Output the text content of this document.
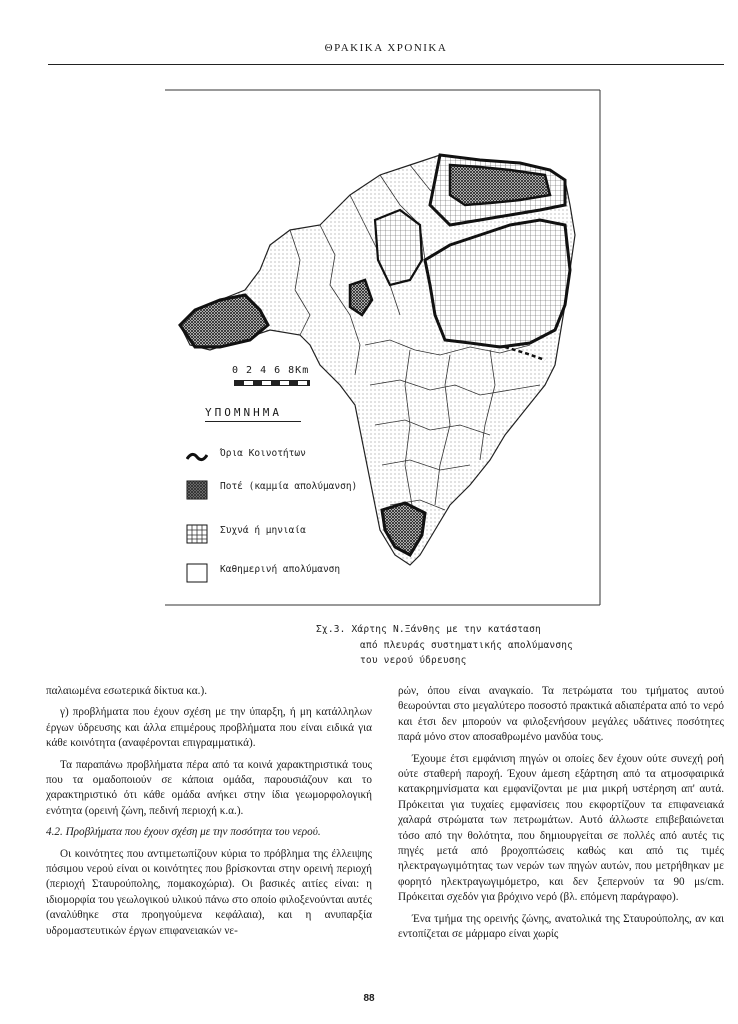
ΘΡΑΚΙΚΑ ΧΡΟΝΙΚΑ
0 2 4 6 8Km
ΥΠΟΜΝΗΜΑ
Όρια Κοινοτήτων
Ποτέ (καμμία απολύμανση)
Συχνά ή μηνιαία
Καθημερινή απολύμανση
Σχ.3. Χάρτης Ν.Ξάνθης με την κατάσταση
από πλευράς συστηματικής απολύμανσης
του νερού ύδρευσης

παλαιωμένα εσωτερικά δίκτυα κα.).

γ) προβλήματα που έχουν σχέση με την ύπαρξη, ή μη κατάλληλων έργων ύδρευσης και άλλα επιμέρους προβλήματα που είναι ειδικά για κάθε κοινότητα (αναφέρονται επιγραμματικά).

Τα παραπάνω προβλήματα πέρα από τα κοινά χαρακτηριστικά τους που τα ομαδοποιούν σε κάποια ομάδα, παρουσιάζουν και το χαρακτηριστικό ότι κάθε ομάδα ανήκει στην ίδια γεωμορφολογική ενότητα (ορεινή ζώνη, πεδινή περιοχή κ.α.).

4.2. Προβλήματα που έχουν σχέση με την ποσότητα του νερού.

Οι κοινότητες που αντιμετωπίζουν κύρια το πρόβλημα της έλλειψης πόσιμου νερού είναι οι κοινότητες που βρίσκονται στην ορεινή περιοχή (περιοχή Σταυρούπολης, πομακοχώρια). Οι βασικές αιτίες είναι: η ιδιομορφία του γεωλογικού υλικού πάνω στο οποίο φιλοξενούνται αυτές (αναλύθηκε στα προηγούμενα κεφάλαια), και η ανυπαρξία υδρομαστευτικών έργων επιφανειακών νε-

ρών, όπου είναι αναγκαίο. Τα πετρώματα του τμήματος αυτού θεωρούνται στο μεγαλύτερο ποσοστό πρακτικά αδιαπέρατα από το νερό και έτσι δεν μπορούν να φιλοξενήσουν μεγάλες υδάτινες ποσότητες παρά μόνο στον αποσαθρωμένο μανδύα τους.

Έχουμε έτσι εμφάνιση πηγών οι οποίες δεν έχουν ούτε συνεχή ροή ούτε σταθερή παροχή. Έχουν άμεση εξάρτηση από τα ατμοσφαιρικά κατακρημνίσματα και εμφανίζονται με μια μικρή υστέρηση απ' αυτά. Πρόκειται για τυχαίες εμφανίσεις που εκφορτίζουν τα επιφανειακά χαλαρά στρώματα των πετρωμάτων. Αυτό άλλωστε επιβεβαιώνεται τόσο από την θολότητα, που δημιουργείται σε πολλές από αυτές τις πηγές μετά από βροχοπτώσεις καθώς και από τις τιμές ηλεκτραγωγιμότητας των νερών των πηγών αυτών, που μετρήθηκαν με φορητό ηλεκτραγωγιμόμετρο, και δεν ξεπερνούν τα 90 μs/cm. Πρόκειται σχεδόν για βρόχινο νερό (βλ. επόμενη παράγραφο).

Ένα τμήμα της ορεινής ζώνης, ανατολικά της Σταυρούπολης, αν και εντοπίζεται σε μάρμαρο είναι χωρίς

88
